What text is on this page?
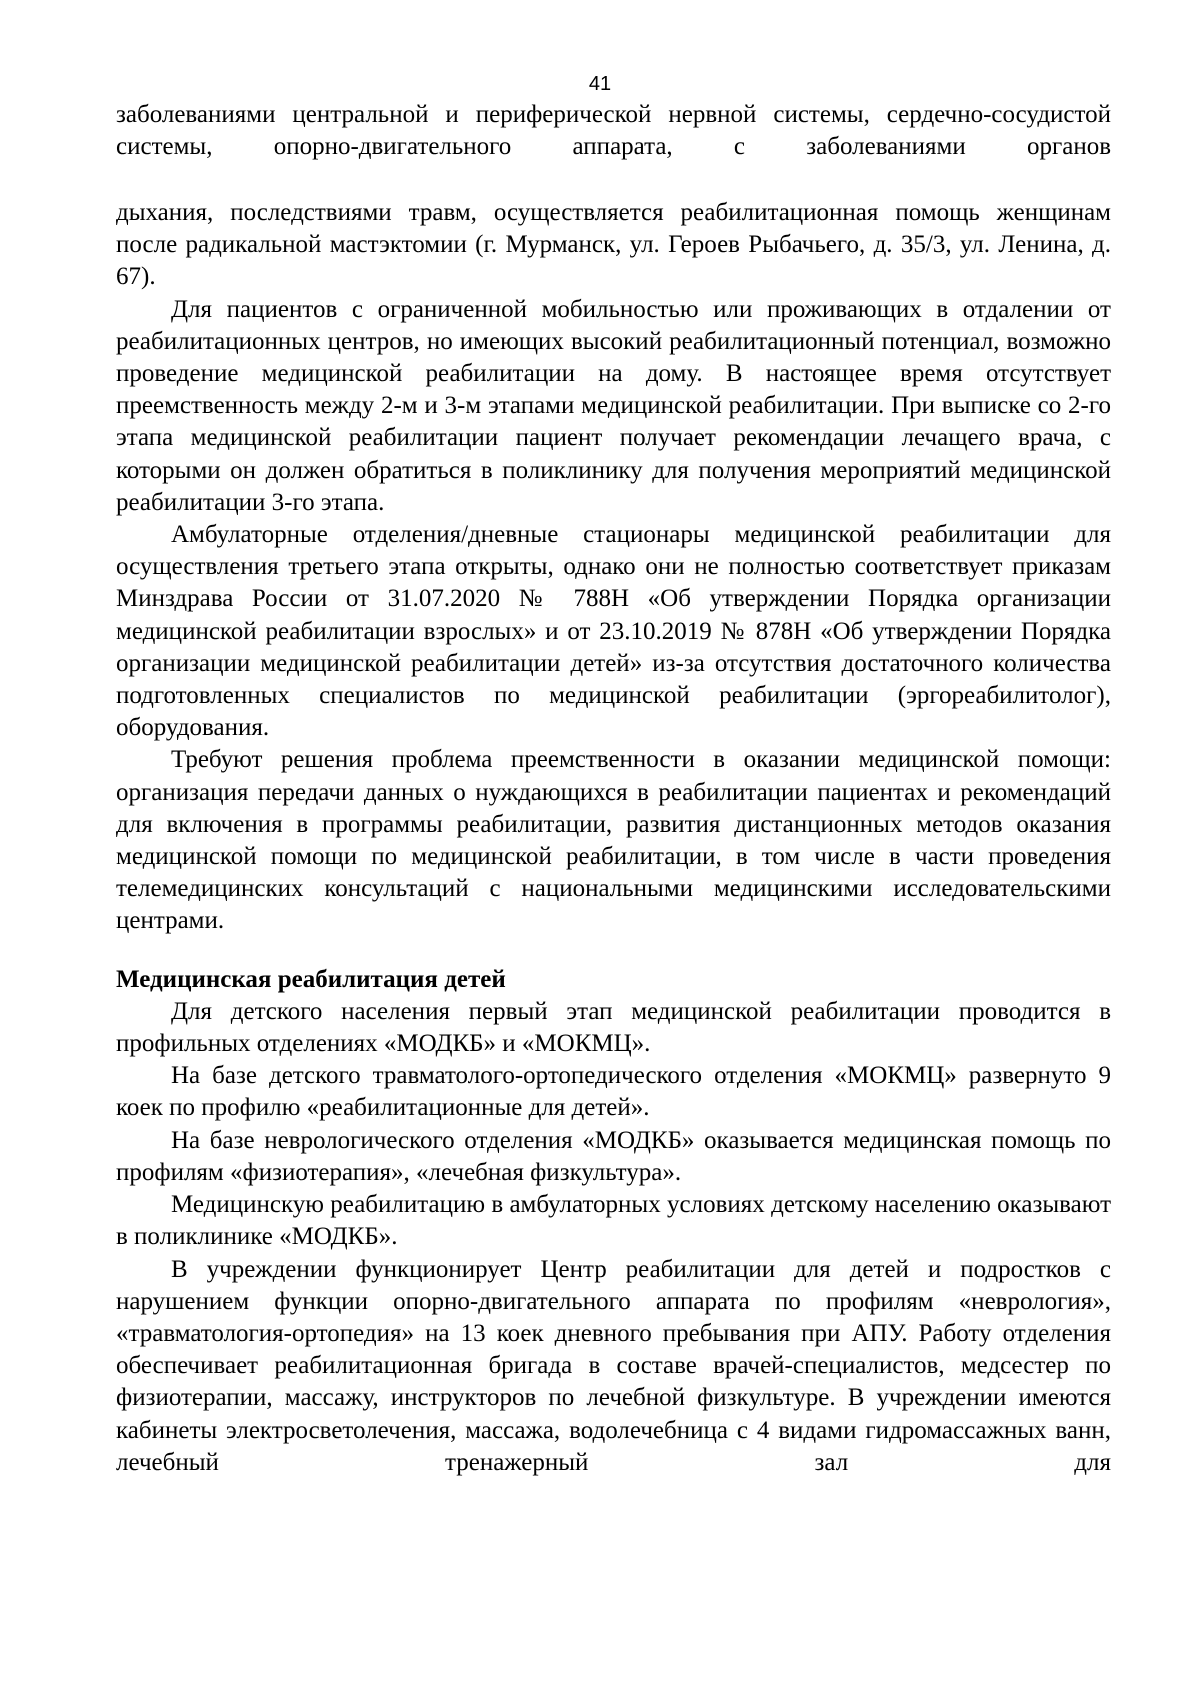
41

заболеваниями центральной и периферической нервной системы, сердечно-сосудистой системы, опорно-двигательного аппарата, с заболеваниями органов

дыхания, последствиями травм, осуществляется реабилитационная помощь женщинам после радикальной мастэктомии (г. Мурманск, ул. Героев Рыбачьего, д. 35/3, ул. Ленина, д. 67).

Для пациентов с ограниченной мобильностью или проживающих в отдалении от реабилитационных центров, но имеющих высокий реабилитационный потенциал, возможно проведение медицинской реабилитации на дому. В настоящее время отсутствует преемственность между 2-м и 3-м этапами медицинской реабилитации. При выписке со 2-го этапа медицинской реабилитации пациент получает рекомендации лечащего врача, с которыми он должен обратиться в поликлинику для получения мероприятий медицинской реабилитации 3-го этапа.

Амбулаторные отделения/дневные стационары медицинской реабилитации для осуществления третьего этапа открыты, однако они не полностью соответствует приказам Минздрава России от 31.07.2020 № 788Н «Об утверждении Порядка организации медицинской реабилитации взрослых» и от 23.10.2019 № 878Н «Об утверждении Порядка организации медицинской реабилитации детей» из-за отсутствия достаточного количества подготовленных специалистов по медицинской реабилитации (эргореабилитолог), оборудования.

Требуют решения проблема преемственности в оказании медицинской помощи: организация передачи данных о нуждающихся в реабилитации пациентах и рекомендаций для включения в программы реабилитации, развития дистанционных методов оказания медицинской помощи по медицинской реабилитации, в том числе в части проведения телемедицинских консультаций с национальными медицинскими исследовательскими центрами.

Медицинская реабилитация детей

Для детского населения первый этап медицинской реабилитации проводится в профильных отделениях «МОДКБ» и «МОКМЦ».

На базе детского травматолого-ортопедического отделения «МОКМЦ» развернуто 9 коек по профилю «реабилитационные для детей».

На базе неврологического отделения «МОДКБ» оказывается медицинская помощь по профилям «физиотерапия», «лечебная физкультура».

Медицинскую реабилитацию в амбулаторных условиях детскому населению оказывают в поликлинике «МОДКБ».

В учреждении функционирует Центр реабилитации для детей и подростков с нарушением функции опорно-двигательного аппарата по профилям «неврология», «травматология-ортопедия» на 13 коек дневного пребывания при АПУ. Работу отделения обеспечивает реабилитационная бригада в составе врачей-специалистов, медсестер по физиотерапии, массажу, инструкторов по лечебной физкультуре. В учреждении имеются кабинеты электросветолечения, массажа, водолечебница с 4 видами гидромассажных ванн, лечебный тренажерный зал для
